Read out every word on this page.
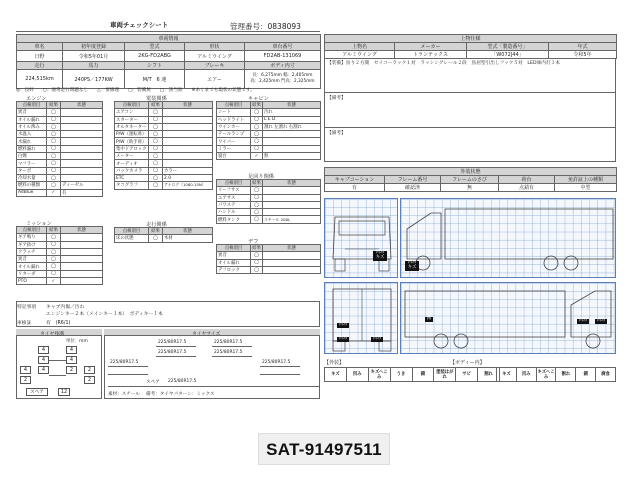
車両チェックシート	管理番号：0838093
車両情報				
車名	初年度登録	型式	形状	車台番号
日野	令和5年01月	2KG-FD2ABG	アルミウイング	FD2AB-131069
走行	馬力	シフト	ブレーキ	ボディ内寸
224,515km	240PS／177KW	M/T 6 速	エアー	長：6,275mm 幅：2,405mm
高：2,425mm 門高：2,325mm
◎：良好 ○：通常走行問題なし △：要修理 □：装備無 □：該当無 ※あくまでも現状の状態です。
エンジン
点検項目	結果	状態
異音	◯	
オイル漏れ	◯	
オイル滲み	◯	
水温入	◯	
水漏れ	◯	
燃料漏れ	◯	
白煙	◯	
マフラー	◯	
ターボ	◯	
冷却水量	◯	
燃料の種類	◯	ディーゼル
AdBlue	✓	有
ミッション
点検項目	結果	状態
ギア鳴り	◯	
ギア抜け	◯	
クラッチ	◯	
異音	◯	
オイル漏れ	◯	
リターダ	◯	
PTO	✓	
電装関係
点検項目	結果	状態
エアコン	◯	
スターター	◯	
オルタネーター	◯	
P/W（運転席）	◯	
P/W（助手席）	◯	
集中ドアロック	◯	
メーター	◯	
オーディオ	◯	
バックカメラ	◯	カラー
ETC	◯	2.0
タコグラフ	◯	アナログ（1080-15N）
走行関係
点検項目	結果	状態
床の状態	◯	木材
キャビン
点検項目	結果	状態
シート	◯	汚れ
ヘッドライト	◯	L E D
ウインカー	◯	割れ 左割れ 右割れ
テールランプ	◯	
ワイパー	◯	
ミラー	◯	
寝台	✓	無
足回り関係
点検項目	結果	状態
リーフサス	◯	
エアサス	◯	
パワステ	◯	
ハンドル	◯	
燃料タンク	◯	スチール 200L
デフ
点検項目	結果	状態
異音	◯	
オイル漏れ	◯	
デフロック	◯	
特記事項 キャブ内傷／汚れ
エンジンキー２本（メインキー１本）　ボディキー１本
車検証	有　(R6/1)
タイヤ残溝
単位：mm
4	4
4	4
4	4	2	2
2	2
スペア	12
タイヤサイズ
225/80R17.5	225/80R17.5
225/80R17.5	225/80R17.5
225/80R17.5	225/80R17.5
スペア 225/80R17.5
素材：スチール 備考：タイヤパターン：ミックス
上物仕様			
上物名	メーカー	型式「製造番号」	年式
アルミウイング	トランテックス	「W072J44」	令和5年
【装備】鳥り２方開　セイコーラック１対　ラッシングレール２段　鳥居型引出しフック５対　LED庫内灯３本
【備考】
【備考】
外装状態				
キャブコーション	フレーム番号	フレームのさび	荷台	免許証上の種類
有	確認済	無	点錆有	中型
凹み キズ
凹み キズ
凹み
凹み	凹み
錆	凹み	凹み
【外装】	【ボディー内】
キズ	凹み	キズへこみ	うき	錆	塗装はがれ	サビ	割れ キズ	凹み	キズへこみ	割れ	錆	腐食
SAT-91497511
